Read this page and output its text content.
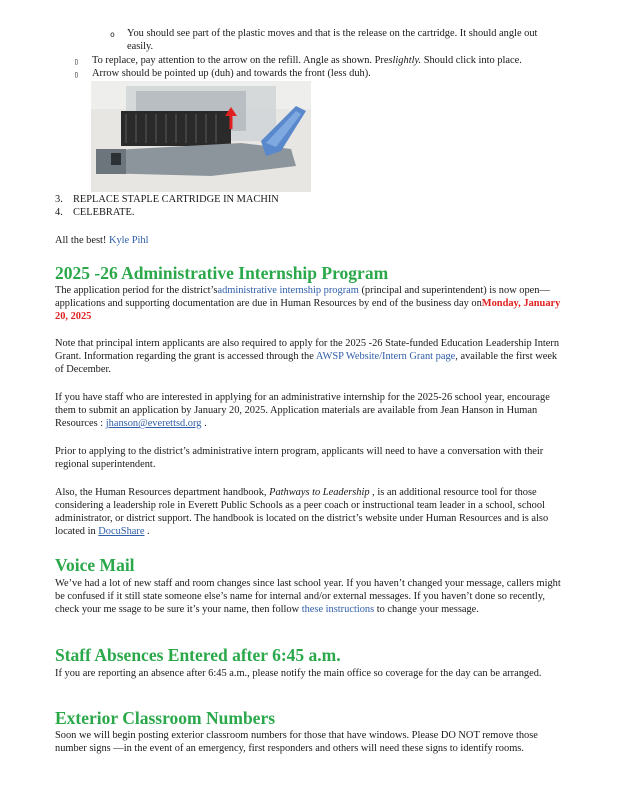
o	You should see part of the plastic moves and that is the release on the cartridge. It should angle out easily.
▯ To replace, pay attention to the arrow on the refill. Angle as shown. Preslightly. Should click into place.
▯ Arrow should be pointed up (duh) and towards the front (less duh).
3. REPLACE STAPLE CARTRIDGE IN MACHIN
4. CELEBRATE.
All the best! Kyle Pihl
2025 -26 Administrative Internship Program
The application period for the district’sadministrative internship program (principal and superintendent) is now open—applications and supporting documentation are due in Human Resources by end of the business day onMonday, January 20, 2025
Note that principal intern applicants are also required to apply for the 2025 -26 State-funded Education Leadership Intern Grant. Information regarding the grant is accessed through the AWSP Website/Intern Grant page, available the first week of December.
If you have staff who are interested in applying for an administrative internship for the 2025-26 school year, encourage them to submit an application by January 20, 2025. Application materials are available from Jean Hanson in Human Resources : jhanson@everettsd.org .
Prior to applying to the district’s administrative intern program, applicants will need to have a conversation with their regional superintendent.
Also, the Human Resources department handbook, Pathways to Leadership , is an additional resource tool for those considering a leadership role in Everett Public Schools as a peer coach or instructional team leader in a school, school administrator, or district support. The handbook is located on the district’s website under Human Resources and is also located in DocuShare .
Voice Mail
We’ve had a lot of new staff and room changes since last school year. If you haven’t changed your message, callers might be confused if it still state someone else’s name for internal and/or external messages. If you haven’t done so recently, check your me ssage to be sure it’s your name, then follow these instructions to change your message.
Staff Absences Entered after 6:45 a.m.
If you are reporting an absence after 6:45 a.m., please notify the main office so coverage for the day can be arranged.
Exterior Classroom Numbers
Soon we will begin posting exterior classroom numbers for those that have windows. Please DO NOT remove those number signs —in the event of an emergency, first responders and others will need these signs to identify rooms.
